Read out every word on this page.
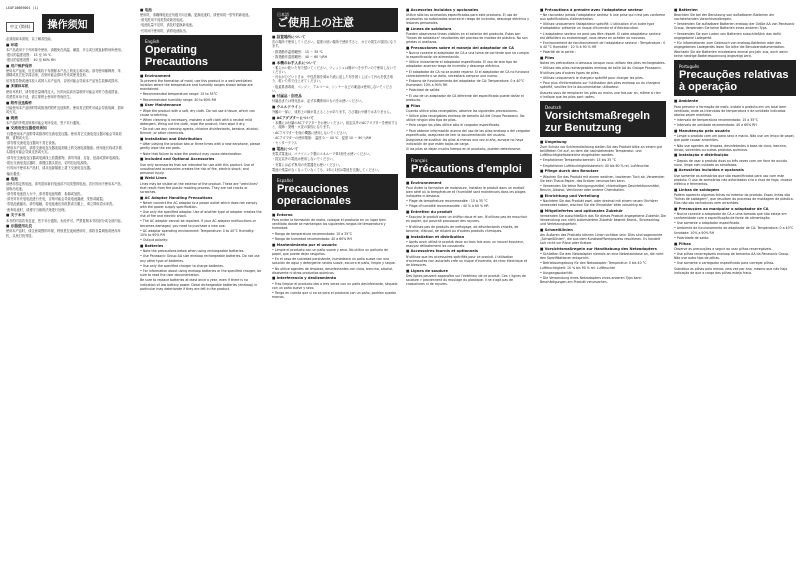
LEAF10869001 (1)
中文 (简体) 操作须知
必须阅读本须知，以了解其性能。
■ 环境
本产品适用于下列环境中使用，请避免在高温、潮湿、多尘或日照直射的场所使用。
·建议的温度范围： 15 至 35 ℃
·建议的湿度范围： 40 至 60% RH
■ 用户维护保养
使用本产品前，应先用柔软干布擦除本产品上的灰尘和污垢。请勿使用稀释剂、苯、酒精或其它化学清洁剂，否则可能会损坏外壳或使其变形。
切勿将异物或液体放入或掉入本产品内，否则可能会导致本产品发生故障或损坏。
■ 多媒体耳机
使用耳机时，请勿将音量调得过大。长时间以高音量收听可能会对听力造成损害。
若感觉耳朵不适，请立即停止使用并咨询医生。
■ 附件及选购件
只能使用本产品所附带或推荐的附件及选购件。使用其它附件可能会导致故障、损坏或火灾。
■ 规格
本产品的外观及规格可能会有所变动，恕不另行通知。
■ 交流电变压器使用须知
·仅限使用本产品附带或推荐的交流电变压器。使用其它交流电变压器可能会导致故障、冒烟或火灾。
·请勿将交流电变压器用于其它设备。
·使用本产品时，请将交流电变压器连接到墙上的交流电源插座。使用延长线或多插头插座可能会导致过热或火灾。
·请勿在交流电变压器或电源线上放置重物，请勿弯曲、拉扯、扭曲或损坏电源线。
·拔出交流电变压器时，请握住插头拔出，切勿拉扯电源线。
·长时间不使用本产品时，请从电源插座上拔下交流电变压器。
·输出极性：
■ 电池
请使用指定的电池。请勿混用新旧电池或不同类型的电池。若长时间不使用本产品，请取出电池。
·请勿将电池投入火中，请勿将电池短路、拆卸或加热。
·请勿对非充电电池进行充电，否则可能会导致电池漏液、发热或破裂。
·若电池液漏出，请勿接触，若电池液沾到皮肤或衣服上，请立即用清水冲洗。
·废弃电池时，请遵守当地的法规进行处理。
■ 关于本书
本书的内容若有变更，恕不另行通知。未经许可，严禁复制本书的部分或全部内容。
■ 乐器使用礼仪
使用本产品时，请注意周围的环境，特别是在夜间使用时，请将音量调低或使用耳机，以免打扰邻居。
■ 电池
使用时，请确保电池正负极方向正确。更换电池时，请使用同一型号的新电池。
·请勿混用不同类型或新旧电池。
·电池电量不足时，请及时更换新电池。
·长时间不使用时，请将电池取出。
English
Operating Precautions
■ Environment
To prevent the formation of mold, use this product in a well ventilated location where the temperature and humidity ranges shown below are maintained.
• Recommended temperature range: 15 to 35°C
• Recommended humidity range: 40 to 60% RH
■ User Maintenance
• Wipe the product with a soft, dry cloth. Do not use a tissue, which can cause scratching.
• When cleaning is necessary, moisten a soft cloth with a neutral mild detergent. Wring out the cloth, wipe the product, then wipe it dry.
• Do not use any cleaning agents, chlorine disinfectants, benzine, alcohol, thinner, or other chemicals.
■ Installation and Distribution
• After playing the product two or three times with a new earphone, please gently wipe the ear pads.
• Note that failure to wipe the product may cause deterioration.
■ Included and Optional Accessories
Use only accessories that are intended for use with this product. Use of unauthorized accessories creates the risk of fire, electric shock, and personal injury.
■ Weld Lines
Lines may be visible on the exterior of the product. These are "weld lines" that result from the plastic molding process. They are not cracks or scratches.
■ AC Adaptor Handling Precautions
• Never connect the AC adaptor to a power outlet which does not comply with the power supply specification.
• Use only the specified adaptor. Use of another type of adaptor creates the risk of fire and electric shock.
• The AC adaptor cannot be repaired. If your AC adaptor malfunctions or becomes damaged, you need to purchase a new one.
• AC adaptor operating environment: Temperature: 0 to 40°C Humidity: 10% to 90% RH
• Output polarity:
■ Batteries
• Note the precautions below when using rechargeable batteries.
• Use Panasonic Group AA size eneloop rechargeable batteries. Do not use any other type of batteries.
• Use only the specified charger to charge batteries.
• For information about using eneloop batteries or the specified charger, be sure to read the user documentation.
Be sure to replace batteries at least once a year, even if there is no indication of low battery power. Dead rechargeable batteries (eneloop) in particular may deteriorate if they are left in the product.
日本語
ご使用上の注意
■ 設置場所について
次の場所で使用してください。湿度の低い場所で使用すると、カビの発生の原因になります。
・推奨動作温度範囲： 15 〜 35 ℃
・推奨動作湿度範囲： 40 〜 60 ％RH
■ 本機のお手入れについて
・柔らかい乾いた布で拭いてください。ティッシュは傷がつきやすいので使用しないでください。
・汚れがひどいときは、中性洗剤を薄めた液に浸した布を固くしぼって汚れを拭き取り、乾いた布で仕上げてください。
・塩素系消毒剤、ベンジン、アルコール、シンナーなどの薬品は使用しないでください。
■ 付属品・別売品
付属品または別売品は、必ず本機専用のものをお使いください。
■ ウエルドライン
外観の一部に、成形上の線が見えることがあります。ひび割れや傷ではありません。
■ ACアダプターについて
・本機には付属のACアダプターをお使いください。指定以外のACアダプターを使用すると、故障・発煙・火災の原因になります。
・ACアダプターを他の機器に使用しないでください。
・ACアダプターの使用環境： 温度 0 〜 40 ℃　湿度 10 〜 90 ％RH
・センタープラス
■ 電池について
充電式電池は、パナソニック製のエネループ単3形をお使いください。
・指定以外の電池は使用しないでください。
・充電には必ず専用の充電器をお使いください。
電池の残量がなくなっていなくても、1年に1回は電池を交換してください。
Español
Precauciones operacionales
■ Entorno
Para evitar la formación de moho, coloque el producto en un lugar bien ventilado donde se mantengan los siguientes rangos de temperatura y humedad:
• Rango de temperatura recomendado: 15 a 35°C
• Rango de humedad recomendado: 40 a 60% RH
■ Mantenimiento por el usuario
• Limpie el producto con un paño suave y seco. No utilice un pañuelo de papel, que puede dejar rasguños.
• En el caso de suciedad persistente, humedezca un paño suave con una solución de agua y detergente neutro suave, escurra el paño, limpie y seque.
• No utilice agentes de limpieza, desinfectantes con cloro, bencina, alcohol, disolvente ni otros productos químicos.
■ Interferencia y deslizamiento
• Tras limpiar el producto dos o tres veces con un paño desinfectante, séquelo con un paño suave y seco.
• Tenga en cuenta que si no se seca el producto con un paño, podrían quedar marcas.
■ Accesorios incluidos y opcionales
Utilice sólo los accesorios especificados para este producto. El uso de accesorios no autorizados acarrea el riesgo de incendio, descarga eléctrica y lesiones personales.
■ Líneas de soldadura
Pueden observarse líneas visibles en el exterior del producto. Estas son "líneas de soldadura" resultantes del proceso de moldeo de plástico. No son grietas ni arañazos.
■ Precauciones sobre el manejo del adaptador de CA
• Nunca conecte el adaptador de CA a una toma de corriente que no cumpla la especificación de alimentación.
• Utilice únicamente el adaptador especificado. El uso de otro tipo de adaptador acarrea riesgo de incendio y descarga eléctrica.
• El adaptador de CA no se puede reparar. Si el adaptador de CA no funciona correctamente o se daña, necesitará comprar uno nuevo.
• Entorno de funcionamiento del adaptador de CA: Temperatura: 0 a 40°C Humedad: 10% a 90% RH
• Polaridad de salida:
• El uso de un adaptador de CA diferente del especificado puede dañar el producto.
■ Pilas
Cuando utilice pilas recargables, observe las siguientes precauciones.
• Utilice pilas recargables eneloop de tamaño AA del Grupo Panasonic. No utilice ningún otro tipo de pilas.
• Para cargar las pilas utilice sólo el cargador especificado.
• Para obtener información acerca del uso de las pilas eneloop o del cargador especificado, asegúrese de leer la documentación del usuario.
Asegúrese de sustituir las pilas al menos una vez al año, aunque no haya indicación de que estén bajas de carga.
Si las pilas se dejan mucho tiempo en el producto, pueden deteriorarse.
Français
Précautions d'emploi
■ Environnement
Pour éviter la formation de moisissure, installez le produit dans un endroit bien aéré où la température et l'humidité sont maintenues dans les plages indiquées ci-dessous.
• Plage de température recommandée : 15 à 35 °C
• Plage d'humidité recommandée : 40 % à 60 % HR
■ Entretien du produit
• Essuyez le produit avec un chiffon doux et sec. N'utilisez pas de mouchoir en papier, qui pourrait provoquer des rayures.
• N'utilisez pas de produits de nettoyage, de désinfectants chlorés, de benzine, d'alcool, de diluant ou d'autres produits chimiques.
■ Installation et distribution
• Après avoir utilisé le produit deux ou trois fois avec un nouvel écouteur, essuyez délicatement les coussinets.
■ Accessoires fournis et optionnels
N'utilisez que les accessoires spécifiés pour ce produit. L'utilisation d'accessoires non autorisés crée un risque d'incendie, de choc électrique et de blessures.
■ Lignes de soudure
Des lignes peuvent apparaître sur l'extérieur de ce produit. Ces « lignes de soudure » proviennent du moulage du plastique. Il ne s'agit pas de craquelures ni de rayures.
■ Précautions à prendre avec l'adaptateur secteur
• Ne raccordez jamais l'adaptateur secteur à une prise qui n'est pas conforme aux spécifications d'alimentation.
• Utilisez uniquement l'adaptateur spécifié. L'utilisation d'un autre type d'adaptateur présente un risque d'incendie et d'électrocution.
• L'adaptateur secteur ne peut pas être réparé. Si votre adaptateur secteur est défaillant ou endommagé, vous devez en acheter un nouveau.
• Environnement de fonctionnement de l'adaptateur secteur : Température : 0 à 40 °C Humidité : 10 % à 90 % HR
• Polarité de la sortie :
■ Piles
Notez les précautions ci-dessous lorsque vous utilisez des piles rechargeables.
• Utilisez des piles rechargeables eneloop de taille AA du Groupe Panasonic. N'utilisez pas d'autres types de piles.
• Utilisez uniquement le chargeur spécifié pour charger les piles.
• Pour plus d'informations sur l'utilisation des piles eneloop ou du chargeur spécifié, veuillez lire la documentation utilisateur.
Assurez-vous de remplacer les piles au moins une fois par an, même si rien n'indique que les piles sont usées.
Deutsch
Vorsichtsmaßregeln zur Benutzung
■ Umgebung
Zum Schutz vor Schimmelbildung stellen Sie das Produkt bitte an einem gut belüfteten Ort auf, an dem die nachstehenden Temperatur- und Luftfeuchtigkeitsbereiche eingehalten werden.
• Empfohlener Temperaturbereich: 15 bis 35 °C
• Empfohlener Luftfeuchtigkeitsbereich: 40 bis 60 % rel. Luftfeuchte
■ Pflege durch den Benutzer
• Wischen Sie das Produkt mit einem weichen, trockenen Tuch ab. Verwenden Sie kein Tissue-Papier, das Kratzer verursachen kann.
• Verwenden Sie keine Reinigungsmittel, chlorhaltigen Desinfektionsmittel, Benzin, Alkohol, Verdünner oder andere Chemikalien.
■ Einrichtung und Verteilung
• Nachdem Sie das Produkt zwei- oder dreimal mit einem neuen Ohrhörer verwendet haben, wischen Sie die Ohrpolster bitte vorsichtig ab.
■ Mitgeliefertes und optionales Zubehör
Verwenden Sie ausschließlich das für dieses Produkt angegebene Zubehör. Die Verwendung von nicht autorisiertem Zubehör bewirkt Brand-, Stromschlag- und Verletzungsgefahr.
■ Schweißlinien
Am Äußeren des Produkts können Linien sichtbar sein. Dies sind sogenannte „Schweißlinien“, die aus dem Kunststoffformprozess resultieren. Es handelt sich nicht um Risse oder Kratzer.
■ Vorsichtsmaßregeln zur Handhabung des Netzadapters
• Schließen Sie den Netzadapter niemals an eine Netzsteckdose an, die nicht den Spezifikationen entspricht.
• Betriebsumgebung für den Netzadapter: Temperatur: 0 bis 40 °C Luftfeuchtigkeit: 10 % bis 90 % rel. Luftfeuchte
• Ausgangspolarität:
• Die Verwendung eines Netzadapters eines anderen Typs kann Beschädigungen am Produkt verursachen.
■ Batterien
Beachten Sie bei der Benutzung von aufladbaren Batterien die nachstehenden Vorsichtsmaßregeln.
• Verwenden Sie aufladbare Batterien eneloop der Größe AA von Panasonic Group. Verwenden Sie keine Batterien eines anderen Typs.
• Verwenden Sie zum Laden von Batterien ausschließlich das dafür angegebene Ladegerät.
• Für Informationen zum Gebrauch von eneloop-Batterien oder des angegebenen Ladegeräts lesen Sie bitte die Benutzerdokumentation.
Wechseln Sie die Batterien mindestens einmal pro Jahr aus, auch wenn keine niedrige Batteriespannung angezeigt wird.
Português
Precauções relativas à operação
■ Ambiente
Para prevenir a formação de mofo, instale o produto em um local bem ventilado, onde os intervalos de temperatura e de umidade indicados abaixo sejam mantidos.
• Intervalo de temperatura recomendado: 15 a 35°C
• Intervalo de umidade recomendado: 40 a 60% RH
■ Manutenção pelo usuário
• Limpe o produto com um pano seco e macio. Não use um lenço de papel, que pode causar arranhões.
• Não use agentes de limpeza, desinfetantes à base de cloro, benzina, álcool, solventes ou outros produtos químicos.
■ Instalação e distribuição
• Depois de usar o produto duas ou três vezes com um fone de ouvido novo, limpe com cuidado as almofadas.
■ Acessórios incluídos e opcionais
Use somente os acessórios que são especificados para uso com este produto. O uso de acessórios não autorizados cria o risco de fogo, choque elétrico e ferimentos.
■ Linhas de soldagem
Podem aparecer algumas linhas no exterior do produto. Essas linhas são "linhas de soldagem", que resultam do processo de moldagem de plástico. Elas não são rachaduras nem arranhões.
■ Precauções ao manipular o adaptador de CA
• Nunca conecte o adaptador de CA a uma tomada que não esteja em conformidade com a especificação de fonte de alimentação.
• Use somente o adaptador especificado.
• Ambiente de funcionamento do adaptador de CA: Temperatura: 0 a 40°C Umidade: 10% a 90% RH
• Polaridade de saída:
■ Pilhas
Observe as precauções a seguir ao usar pilhas recarregáveis.
• Use pilhas recarregáveis eneloop de tamanho AA da Panasonic Group. Não use outro tipo de pilhas.
• Use somente o carregador especificado para carregar pilhas.
Substitua as pilhas pelo menos uma vez por ano, mesmo que não haja indicação de que a carga das pilhas esteja fraca.
